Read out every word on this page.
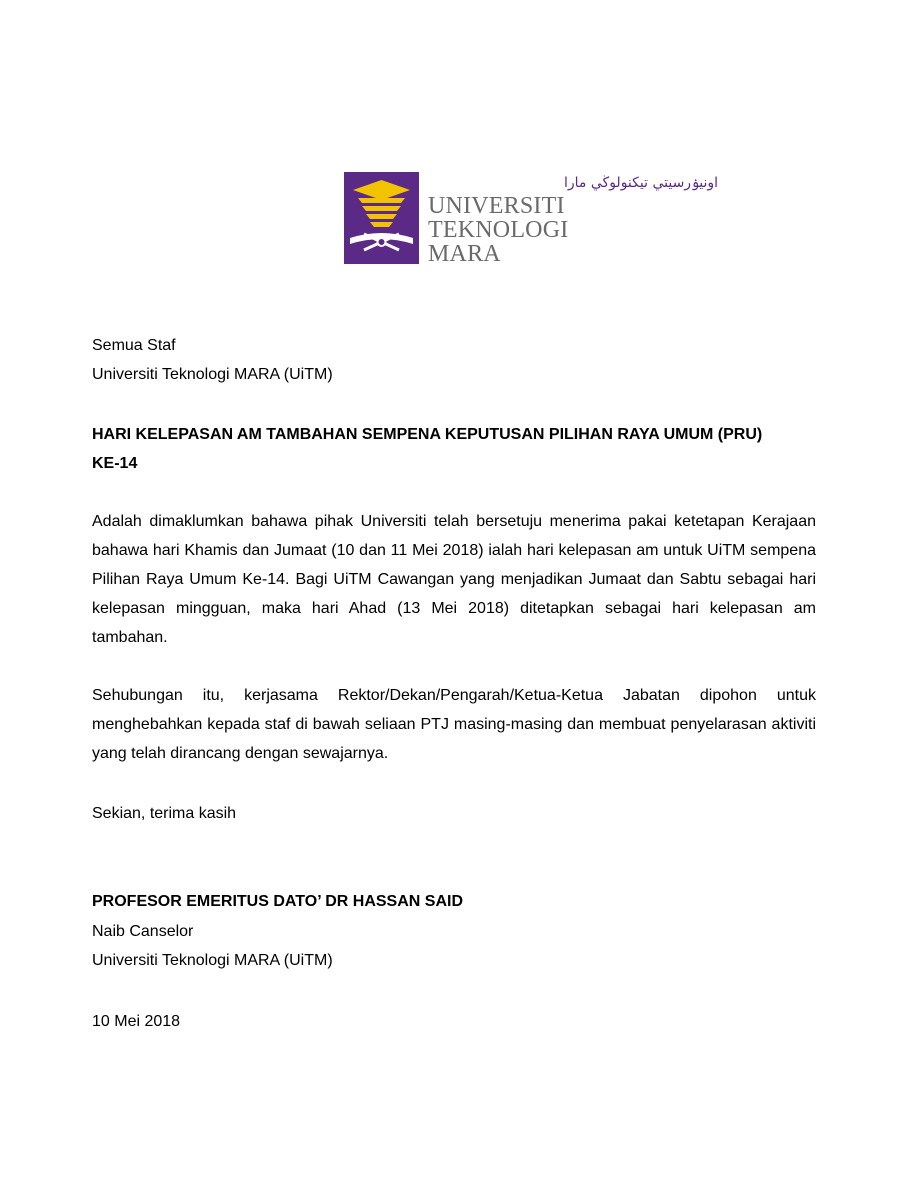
اونيۏرسيتي تيكنولوڬي مارا
UNIVERSITI
TEKNOLOGI
MARA
Semua Staf
Universiti Teknologi MARA (UiTM)
HARI KELEPASAN AM TAMBAHAN SEMPENA KEPUTUSAN PILIHAN RAYA UMUM (PRU)
KE-14

Adalah dimaklumkan bahawa pihak Universiti telah bersetuju menerima pakai ketetapan Kerajaan bahawa hari Khamis dan Jumaat (10 dan 11 Mei 2018) ialah hari kelepasan am untuk UiTM sempena Pilihan Raya Umum Ke-14. Bagi UiTM Cawangan yang menjadikan Jumaat dan Sabtu sebagai hari kelepasan mingguan, maka hari Ahad (13 Mei 2018) ditetapkan sebagai hari kelepasan am tambahan.

Sehubungan itu, kerjasama Rektor/Dekan/Pengarah/Ketua-Ketua Jabatan dipohon untuk menghebahkan kepada staf di bawah seliaan PTJ masing-masing dan membuat penyelarasan aktiviti yang telah dirancang dengan sewajarnya.

Sekian, terima kasih
PROFESOR EMERITUS DATO’ DR HASSAN SAID
Naib Canselor
Universiti Teknologi MARA (UiTM)
10 Mei 2018
